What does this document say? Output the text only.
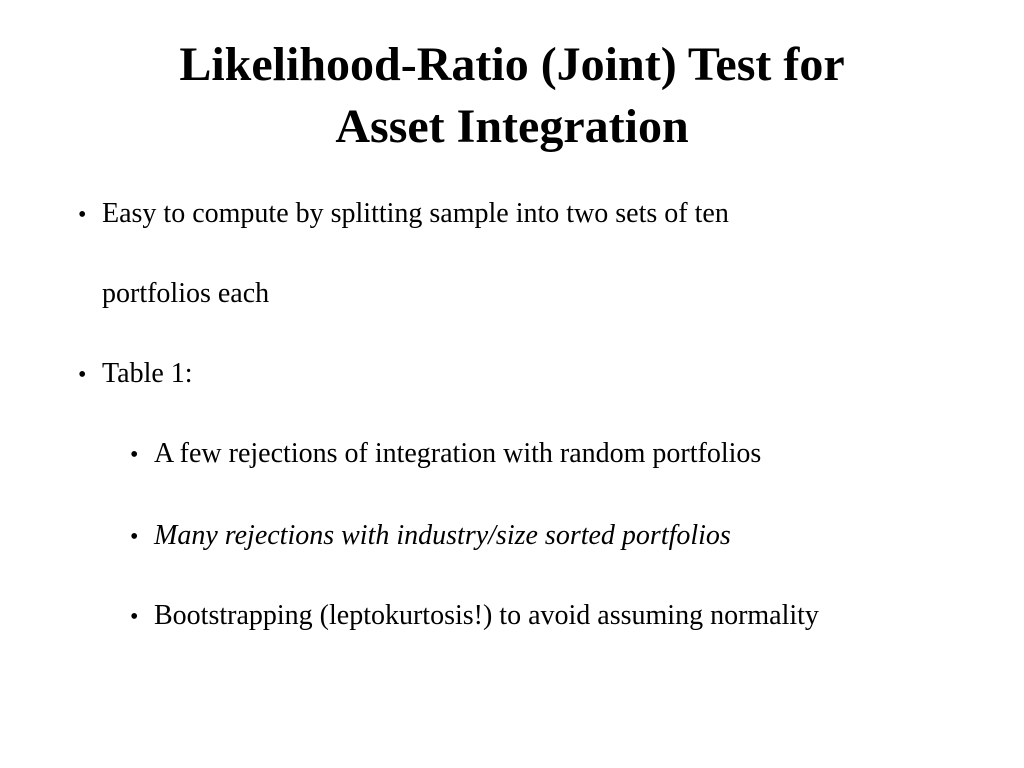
Likelihood-Ratio (Joint) Test for
Asset Integration
• Easy to compute by splitting sample into two sets of ten
portfolios each
• Table 1:
• A few rejections of integration with random portfolios
• Many rejections with industry/size sorted portfolios
• Bootstrapping (leptokurtosis!) to avoid assuming normality
